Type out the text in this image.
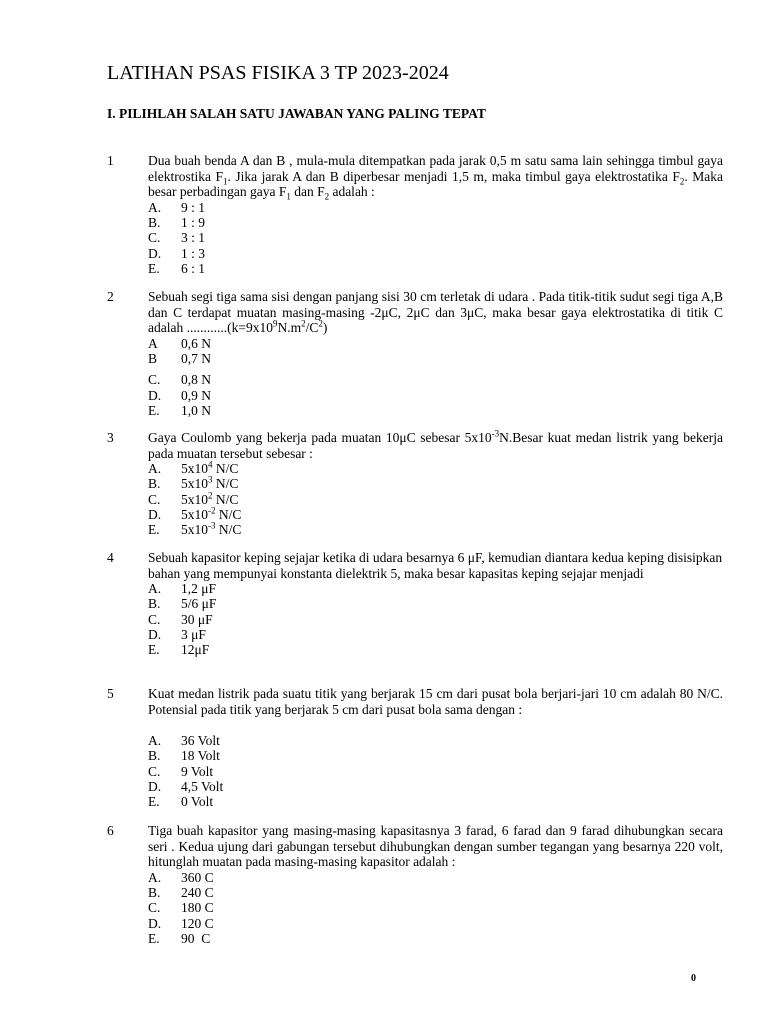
LATIHAN PSAS FISIKA 3 TP 2023-2024
I. PILIHLAH SALAH SATU JAWABAN YANG PALING TEPAT
1	Dua buah benda A dan B , mula-mula ditempatkan pada jarak 0,5 m satu sama lain sehingga timbul gaya elektrostika $F_1$. Jika jarak A dan B diperbesar menjadi 1,5 m, maka timbul gaya elektrostatika $F_2$. Maka besar perbadingan gaya $F_1$ dan $F_2$ adalah :
A.	9 : 1
B.	1 : 9
C.	3 : 1
D.	1 : 3
E.	6 : 1
2	Sebuah segi tiga sama sisi dengan panjang sisi 30 cm terletak di udara . Pada titik-titik sudut segi tiga A,B dan C terdapat muatan masing-masing -2μC, 2μC dan 3μC, maka besar gaya elektrostatika di titik C adalah $............(k=9x10^9N.m^2/C^2)$
A	0,6 N
B	0,7 N
C.	0,8 N
D.	0,9 N
E.	1,0 N
3	Gaya Coulomb yang bekerja pada muatan 10μC sebesar $5x10^{-3}N.Besar$ kuat medan listrik yang bekerja pada muatan tersebut sebesar :
A.	$5x10^4$ N/C
B.	$5x10^3$ N/C
C.	$5x10^2$ N/C
D.	$5x10^{-2}$ N/C
E.	$5x10^{-3}$ N/C
4	Sebuah kapasitor keping sejajar ketika di udara besarnya 6 μF, kemudian diantara kedua keping disisipkan bahan yang mempunyai konstanta dielektrik 5, maka besar kapasitas keping sejajar menjadi
A.	1,2 μF
B.	5/6 μF
C.	30 μF
D.	3 μF
E.	12μF
5	Kuat medan listrik pada suatu titik yang berjarak 15 cm dari pusat bola berjari-jari 10 cm adalah 80 N/C. Potensial pada titik yang berjarak 5 cm dari pusat bola sama dengan :
A.	36 Volt
B.	18 Volt
C.	9 Volt
D.	4,5 Volt
E.	0 Volt
6	Tiga buah kapasitor yang masing-masing kapasitasnya 3 farad, 6 farad dan 9 farad dihubungkan secara seri . Kedua ujung dari gabungan tersebut dihubungkan dengan sumber tegangan yang besarnya 220 volt, hitunglah muatan pada masing-masing kapasitor adalah :
A.	360 C
B.	240 C
C.	180 C
D.	120 C
E.	90  C
0
